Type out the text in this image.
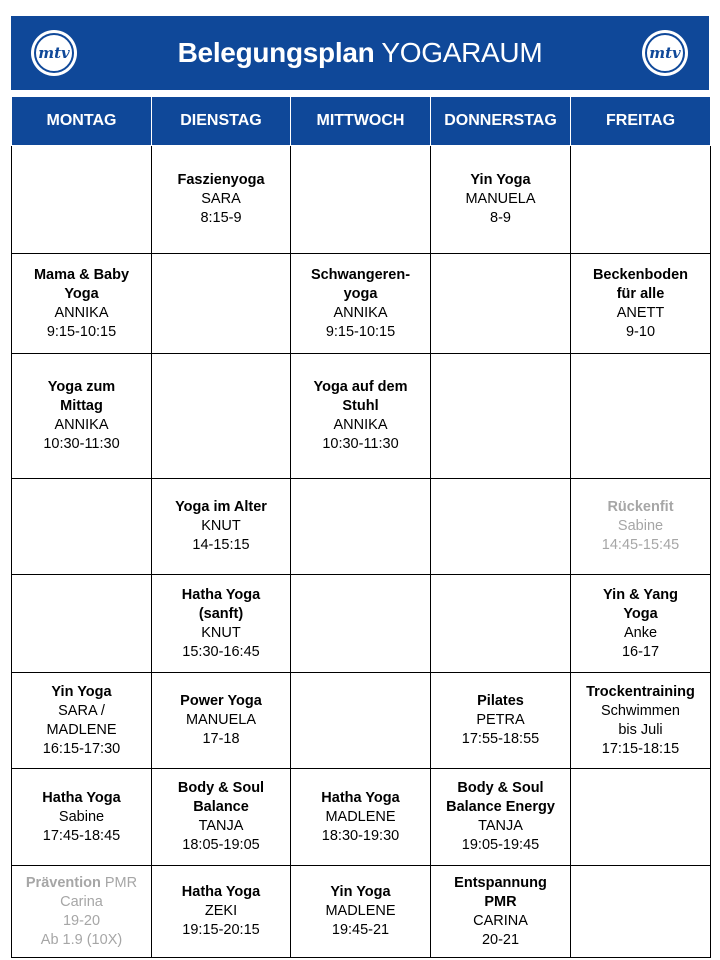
mtv	Belegungsplan YOGARAUM	mtv
MONTAG	DIENSTAG	MITTWOCH	DONNERSTAG	FREITAG

	Faszienyoga
SARA
8:15-9		Yin Yoga
MANUELA
8-9	

Mama & Baby
Yoga
ANNIKA
9:15-10:15		Schwangeren-
yoga
ANNIKA
9:15-10:15		Beckenboden
für alle
ANETT
9-10

Yoga zum
Mittag
ANNIKA
10:30-11:30		Yoga auf dem
Stuhl
ANNIKA
10:30-11:30		

	Yoga im Alter
KNUT
14-15:15			Rückenfit
Sabine
14:45-15:45

	Hatha Yoga
(sanft)
KNUT
15:30-16:45			Yin & Yang
Yoga
Anke
16-17

Yin Yoga
SARA /
MADLENE
16:15-17:30	Power Yoga
MANUELA
17-18		Pilates
PETRA
17:55-18:55	Trockentraining
Schwimmen
bis Juli
17:15-18:15

Hatha Yoga
Sabine
17:45-18:45	Body & Soul
Balance
TANJA
18:05-19:05	Hatha Yoga
MADLENE
18:30-19:30	Body & Soul
Balance Energy
TANJA
19:05-19:45	

Prävention PMR
Carina
19-20
Ab 1.9 (10X)	Hatha Yoga
ZEKI
19:15-20:15	Yin Yoga
MADLENE
19:45-21	Entspannung
PMR
CARINA
20-21	
